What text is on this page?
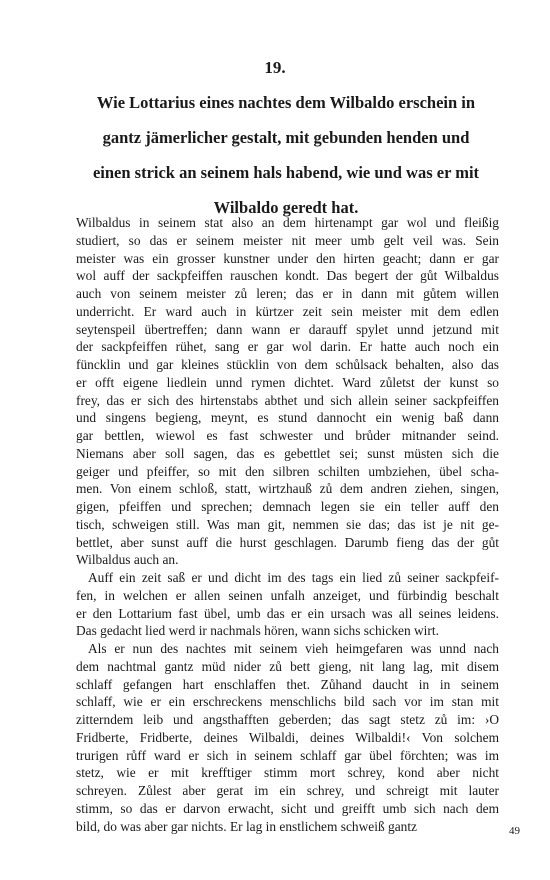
19.
Wie Lottarius eines nachtes dem Wilbaldo erschein in
gantz jämerlicher gestalt, mit gebunden henden und
einen strick an seinem hals habend, wie und was er mit
Wilbaldo geredt hat.
Wilbaldus in seinem stat also an dem hirtenampt gar wol und fleißig
studiert, so das er seinem meister nit meer umb gelt veil was. Sein
meister was ein grosser kunstner under den hirten geacht; dann er gar
wol auff der sackpfeiffen rauschen kondt. Das begert der gůt Wilbaldus
auch von seinem meister zů leren; das er in dann mit gůtem willen
underricht. Er ward auch in kürtzer zeit sein meister mit dem edlen
seytenspeil übertreffen; dann wann er darauff spylet unnd jetzund mit
der sackpfeiffen rühet, sang er gar wol darin. Er hatte auch noch ein
füncklin und gar kleines stücklin von dem schůlsack behalten, also das
er offt eigene liedlein unnd rymen dichtet. Ward zůletst der kunst so
frey, das er sich des hirtenstabs abthet und sich allein seiner sackpfeiffen
und singens begieng, meynt, es stund dannocht ein wenig baß dann
gar bettlen, wiewol es fast schwester und brůder mitnander seind.
Niemans aber soll sagen, das es gebettlet sei; sunst müsten sich die
geiger und pfeiffer, so mit den silbren schilten umbziehen, übel scha-
men. Von einem schloß, statt, wirtzhauß zů dem andren ziehen, singen,
gigen, pfeiffen und sprechen; demnach legen sie ein teller auff den
tisch, schweigen still. Was man git, nemmen sie das; das ist je nit ge-
bettlet, aber sunst auff die hurst geschlagen. Darumb fieng das der gůt
Wilbaldus auch an.
Auff ein zeit saß er und dicht im des tags ein lied zů seiner sackpfeif-
fen, in welchen er allen seinen unfalh anzeiget, und fürbindig beschalt
er den Lottarium fast übel, umb das er ein ursach was all seines leidens.
Das gedacht lied werd ir nachmals hören, wann sichs schicken wirt.
Als er nun des nachtes mit seinem vieh heimgefaren was unnd nach
dem nachtmal gantz müd nider zů bett gieng, nit lang lag, mit disem
schlaff gefangen hart enschlaffen thet. Zůhand daucht in in seinem
schlaff, wie er ein erschreckens menschlichs bild sach vor im stan mit
zitterndem leib und angsthafften geberden; das sagt stetz zů im: ›O
Fridberte, Fridberte, deines Wilbaldi, deines Wilbaldi!‹ Von solchem
trurigen růff ward er sich in seinem schlaff gar übel förchten; was im
stetz, wie er mit krefftiger stimm mort schrey, kond aber nicht
schreyen. Zůlest aber gerat im ein schrey, und schreigt mit lauter
stimm, so das er darvon erwacht, sicht und greifft umb sich nach dem
bild, do was aber gar nichts. Er lag in enstlichem schweiß gantz	49
